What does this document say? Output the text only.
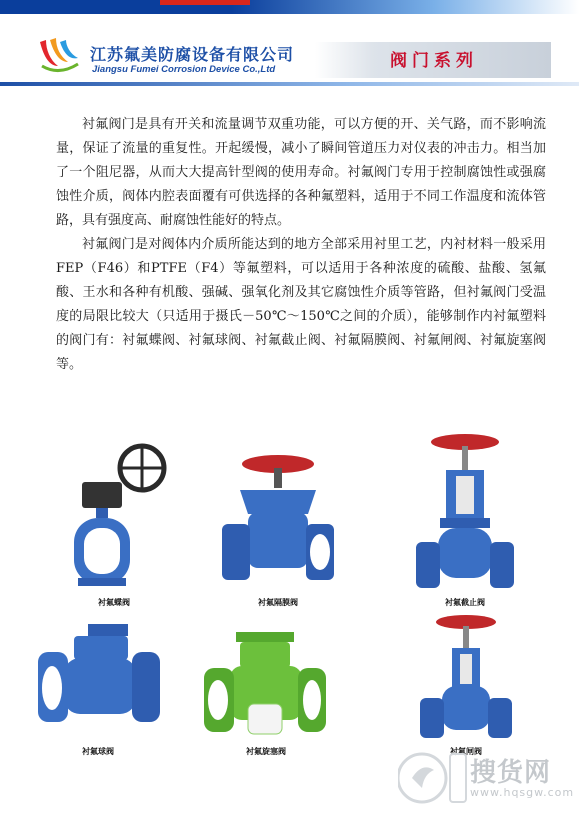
江苏氟美防腐设备有限公司
Jiangsu Fumei Corrosion Device Co.,Ltd	阀门系列

衬氟阀门是具有开关和流量调节双重功能，可以方便的开、关气路，而不影响流量，保证了流量的重复性。开起缓慢，减小了瞬间管道压力对仪表的冲击力。相当加了一个阻尼器，从而大大提高针型阀的使用寿命。衬氟阀门专用于控制腐蚀性或强腐蚀性介质，阀体内腔表面覆有可供选择的各种氟塑料，适用于不同工作温度和流体管路，具有强度高、耐腐蚀性能好的特点。

衬氟阀门是对阀体内介质所能达到的地方全部采用衬里工艺，内衬材料一般采用FEP（F46）和PTFE（F4）等氟塑料，可以适用于各种浓度的硫酸、盐酸、氢氟酸、王水和各种有机酸、强碱、强氧化剂及其它腐蚀性介质等管路，但衬氟阀门受温度的局限比较大（只适用于摄氏－50℃～150℃之间的介质），能够制作内衬氟塑料的阀门有：衬氟蝶阀、衬氟球阀、衬氟截止阀、衬氟隔膜阀、衬氟闸阀、衬氟旋塞阀等。

衬氟蝶阀	衬氟隔膜阀	衬氟截止阀
衬氟球阀	衬氟旋塞阀	衬氟闸阀
搜货网
www.hqsgw.com
